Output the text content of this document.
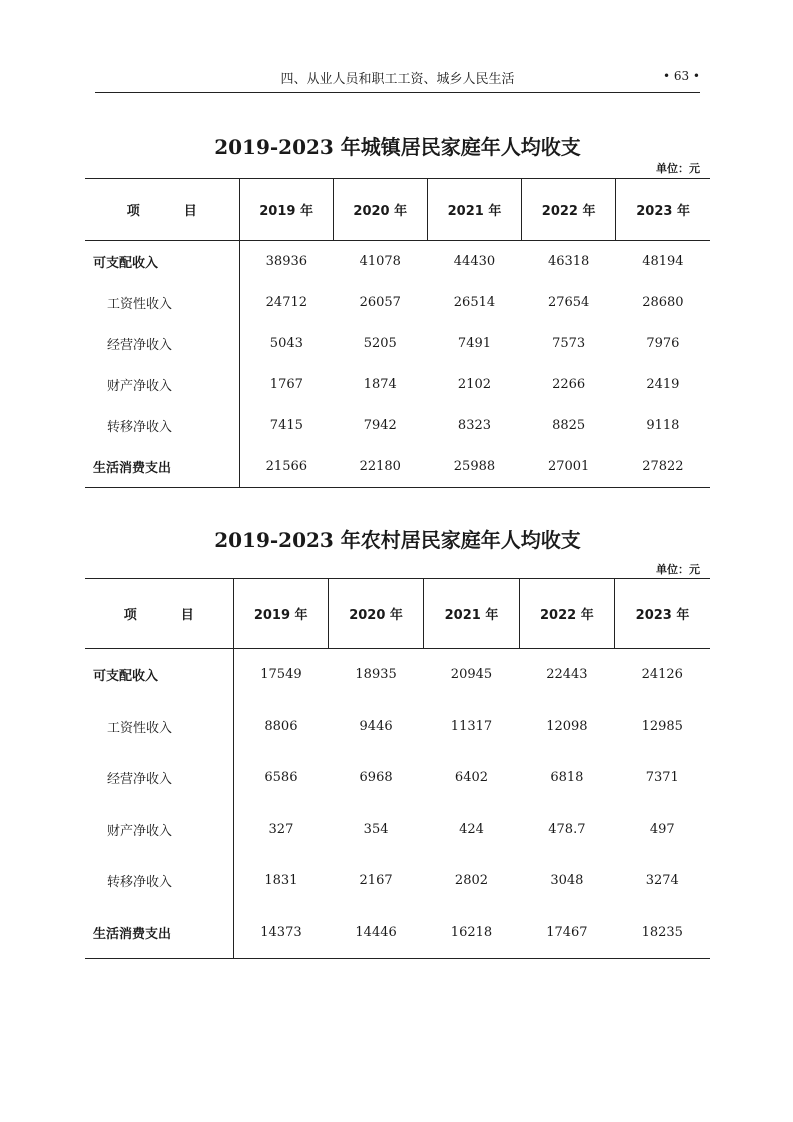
四、从业人员和职工工资、城乡人民生活	• 63 •
2019-2023 年城镇居民家庭年人均收支
单位：元
项 目	2019 年	2020 年	2021 年	2022 年	2023 年
可支配收入	38936	41078	44430	46318	48194
工资性收入	24712	26057	26514	27654	28680
经营净收入	5043	5205	7491	7573	7976
财产净收入	1767	1874	2102	2266	2419
转移净收入	7415	7942	8323	8825	9118
生活消费支出	21566	22180	25988	27001	27822
2019-2023 年农村居民家庭年人均收支
单位：元
项 目	2019 年	2020 年	2021 年	2022 年	2023 年
可支配收入	17549	18935	20945	22443	24126
工资性收入	8806	9446	11317	12098	12985
经营净收入	6586	6968	6402	6818	7371
财产净收入	327	354	424	478.7	497
转移净收入	1831	2167	2802	3048	3274
生活消费支出	14373	14446	16218	17467	18235
